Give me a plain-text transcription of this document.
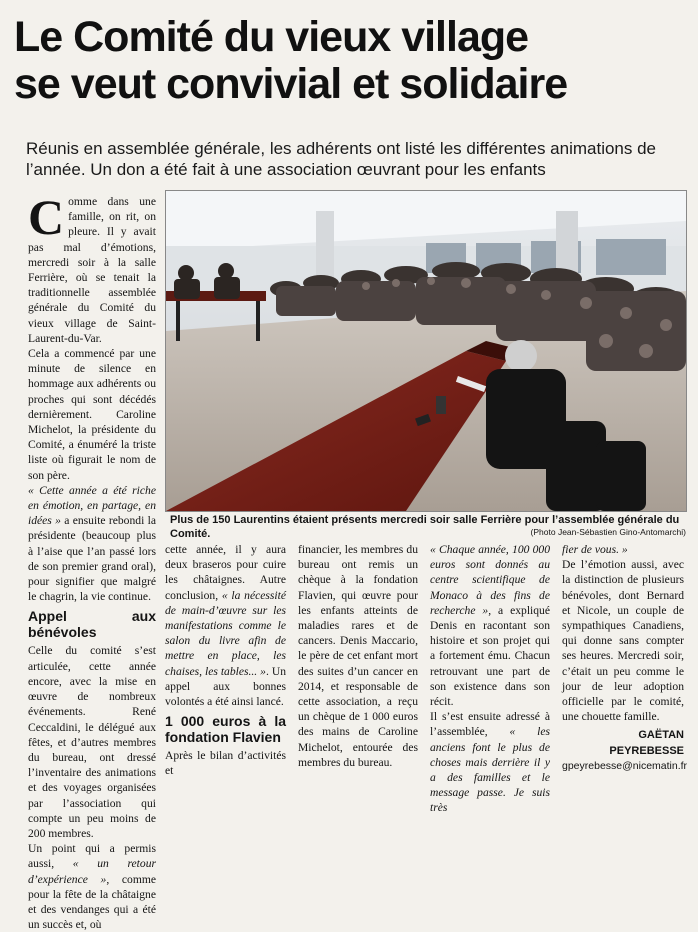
Le Comité du vieux village
se veut convivial et solidaire
Réunis en assemblée générale, les adhérents ont listé les différentes animations de l’année. Un don a été fait à une association œuvrant pour les enfants

Comme dans une famille, on rit, on pleure. Il y avait pas mal d’émotions, mercredi soir à la salle Ferrière, où se tenait la traditionnelle assemblée générale du Comité du vieux village de Saint-Laurent-du-Var.

Cela a commencé par une minute de silence en hommage aux adhérents ou proches qui sont décédés dernièrement. Caroline Michelot, la présidente du Comité, a énuméré la triste liste où figurait le nom de son père.

« Cette année a été riche en émotion, en partage, en idées » a ensuite rebondi la présidente (beaucoup plus à l’aise que l’an passé lors de son premier grand oral), pour signifier que malgré le chagrin, la vie continue.

Appel aux bénévoles

Celle du comité s’est articulée, cette année encore, avec la mise en œuvre de nombreux événements. René Ceccaldini, le délégué aux fêtes, et d’autres membres du bureau, ont dressé l’inventaire des animations et des voyages organisées par l’association qui compte un peu moins de 200 membres.

Un point qui a permis aussi, « un retour d’expérience », comme pour la fête de la châtaigne et des vendanges qui a été un succès et, où

Plus de 150 Laurentins étaient présents mercredi soir salle Ferrière pour l’assemblée générale du Comité.	(Photo Jean-Sébastien Gino-Antomarchi)

cette année, il y aura deux braseros pour cuire les châtaignes. Autre conclusion, « la nécessité de main-d’œuvre sur les manifestations comme le salon du livre afin de mettre en place, les chaises, les tables... ». Un appel aux bonnes volontés a été ainsi lancé.

1 000 euros à la fondation Flavien

Après le bilan d’activités et

financier, les membres du bureau ont remis un chèque à la fondation Flavien, qui œuvre pour les enfants atteints de maladies rares et de cancers. Denis Maccario, le père de cet enfant mort des suites d’un cancer en 2014, et responsable de cette association, a reçu un chèque de 1 000 euros des mains de Caroline Michelot, entourée des membres du bureau.

« Chaque année, 100 000 euros sont donnés au centre scientifique de Monaco à des fins de recherche », a expliqué Denis en racontant son histoire et son projet qui a fortement ému. Chacun retrouvant une part de son existence dans son récit.

Il s’est ensuite adressé à l’assemblée, « les anciens font le plus de choses mais derrière il y a des familles et le message passe. Je suis très

fier de vous. »

De l’émotion aussi, avec la distinction de plusieurs bénévoles, dont Bernard et Nicole, un couple de sympathiques Canadiens, qui donne sans compter ses heures. Mercredi soir, c’était un peu comme le jour de leur adoption officielle par le comité, une chouette famille.

GAËTAN PEYREBESSE
gpeyrebesse@nicematin.fr
